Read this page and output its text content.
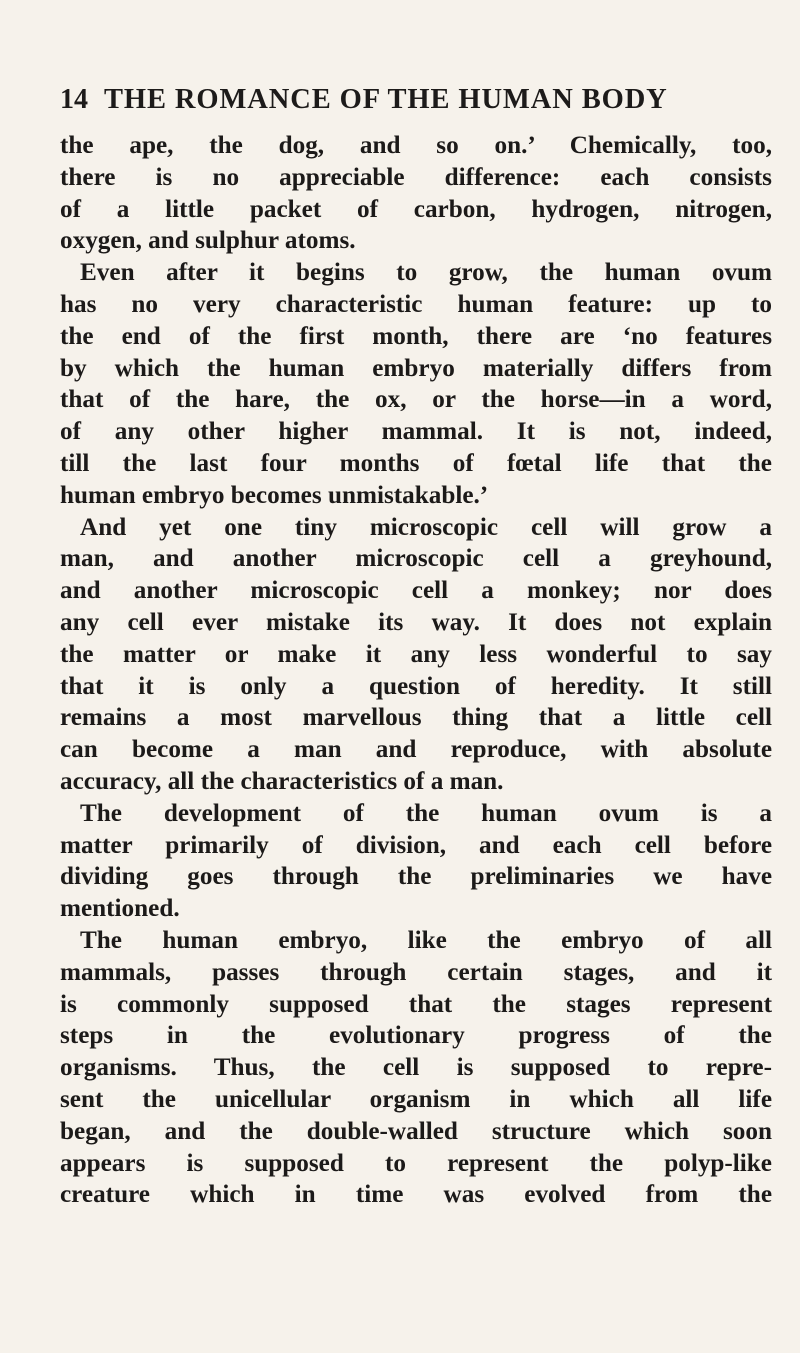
14 THE ROMANCE OF THE HUMAN BODY
the ape, the dog, and so on.’ Chemically, too,
there is no appreciable difference: each consists
of a little packet of carbon, hydrogen, nitrogen,
oxygen, and sulphur atoms.
Even after it begins to grow, the human ovum
has no very characteristic human feature: up to
the end of the first month, there are ‘no features
by which the human embryo materially differs from
that of the hare, the ox, or the horse—in a word,
of any other higher mammal. It is not, indeed,
till the last four months of fœtal life that the
human embryo becomes unmistakable.’
And yet one tiny microscopic cell will grow a
man, and another microscopic cell a greyhound,
and another microscopic cell a monkey; nor does
any cell ever mistake its way. It does not explain
the matter or make it any less wonderful to say
that it is only a question of heredity. It still
remains a most marvellous thing that a little cell
can become a man and reproduce, with absolute
accuracy, all the characteristics of a man.
The development of the human ovum is a
matter primarily of division, and each cell before
dividing goes through the preliminaries we have
mentioned.
The human embryo, like the embryo of all
mammals, passes through certain stages, and it
is commonly supposed that the stages represent
steps in the evolutionary progress of the
organisms. Thus, the cell is supposed to repre-
sent the unicellular organism in which all life
began, and the double-walled structure which soon
appears is supposed to represent the polyp-like
creature which in time was evolved from the
